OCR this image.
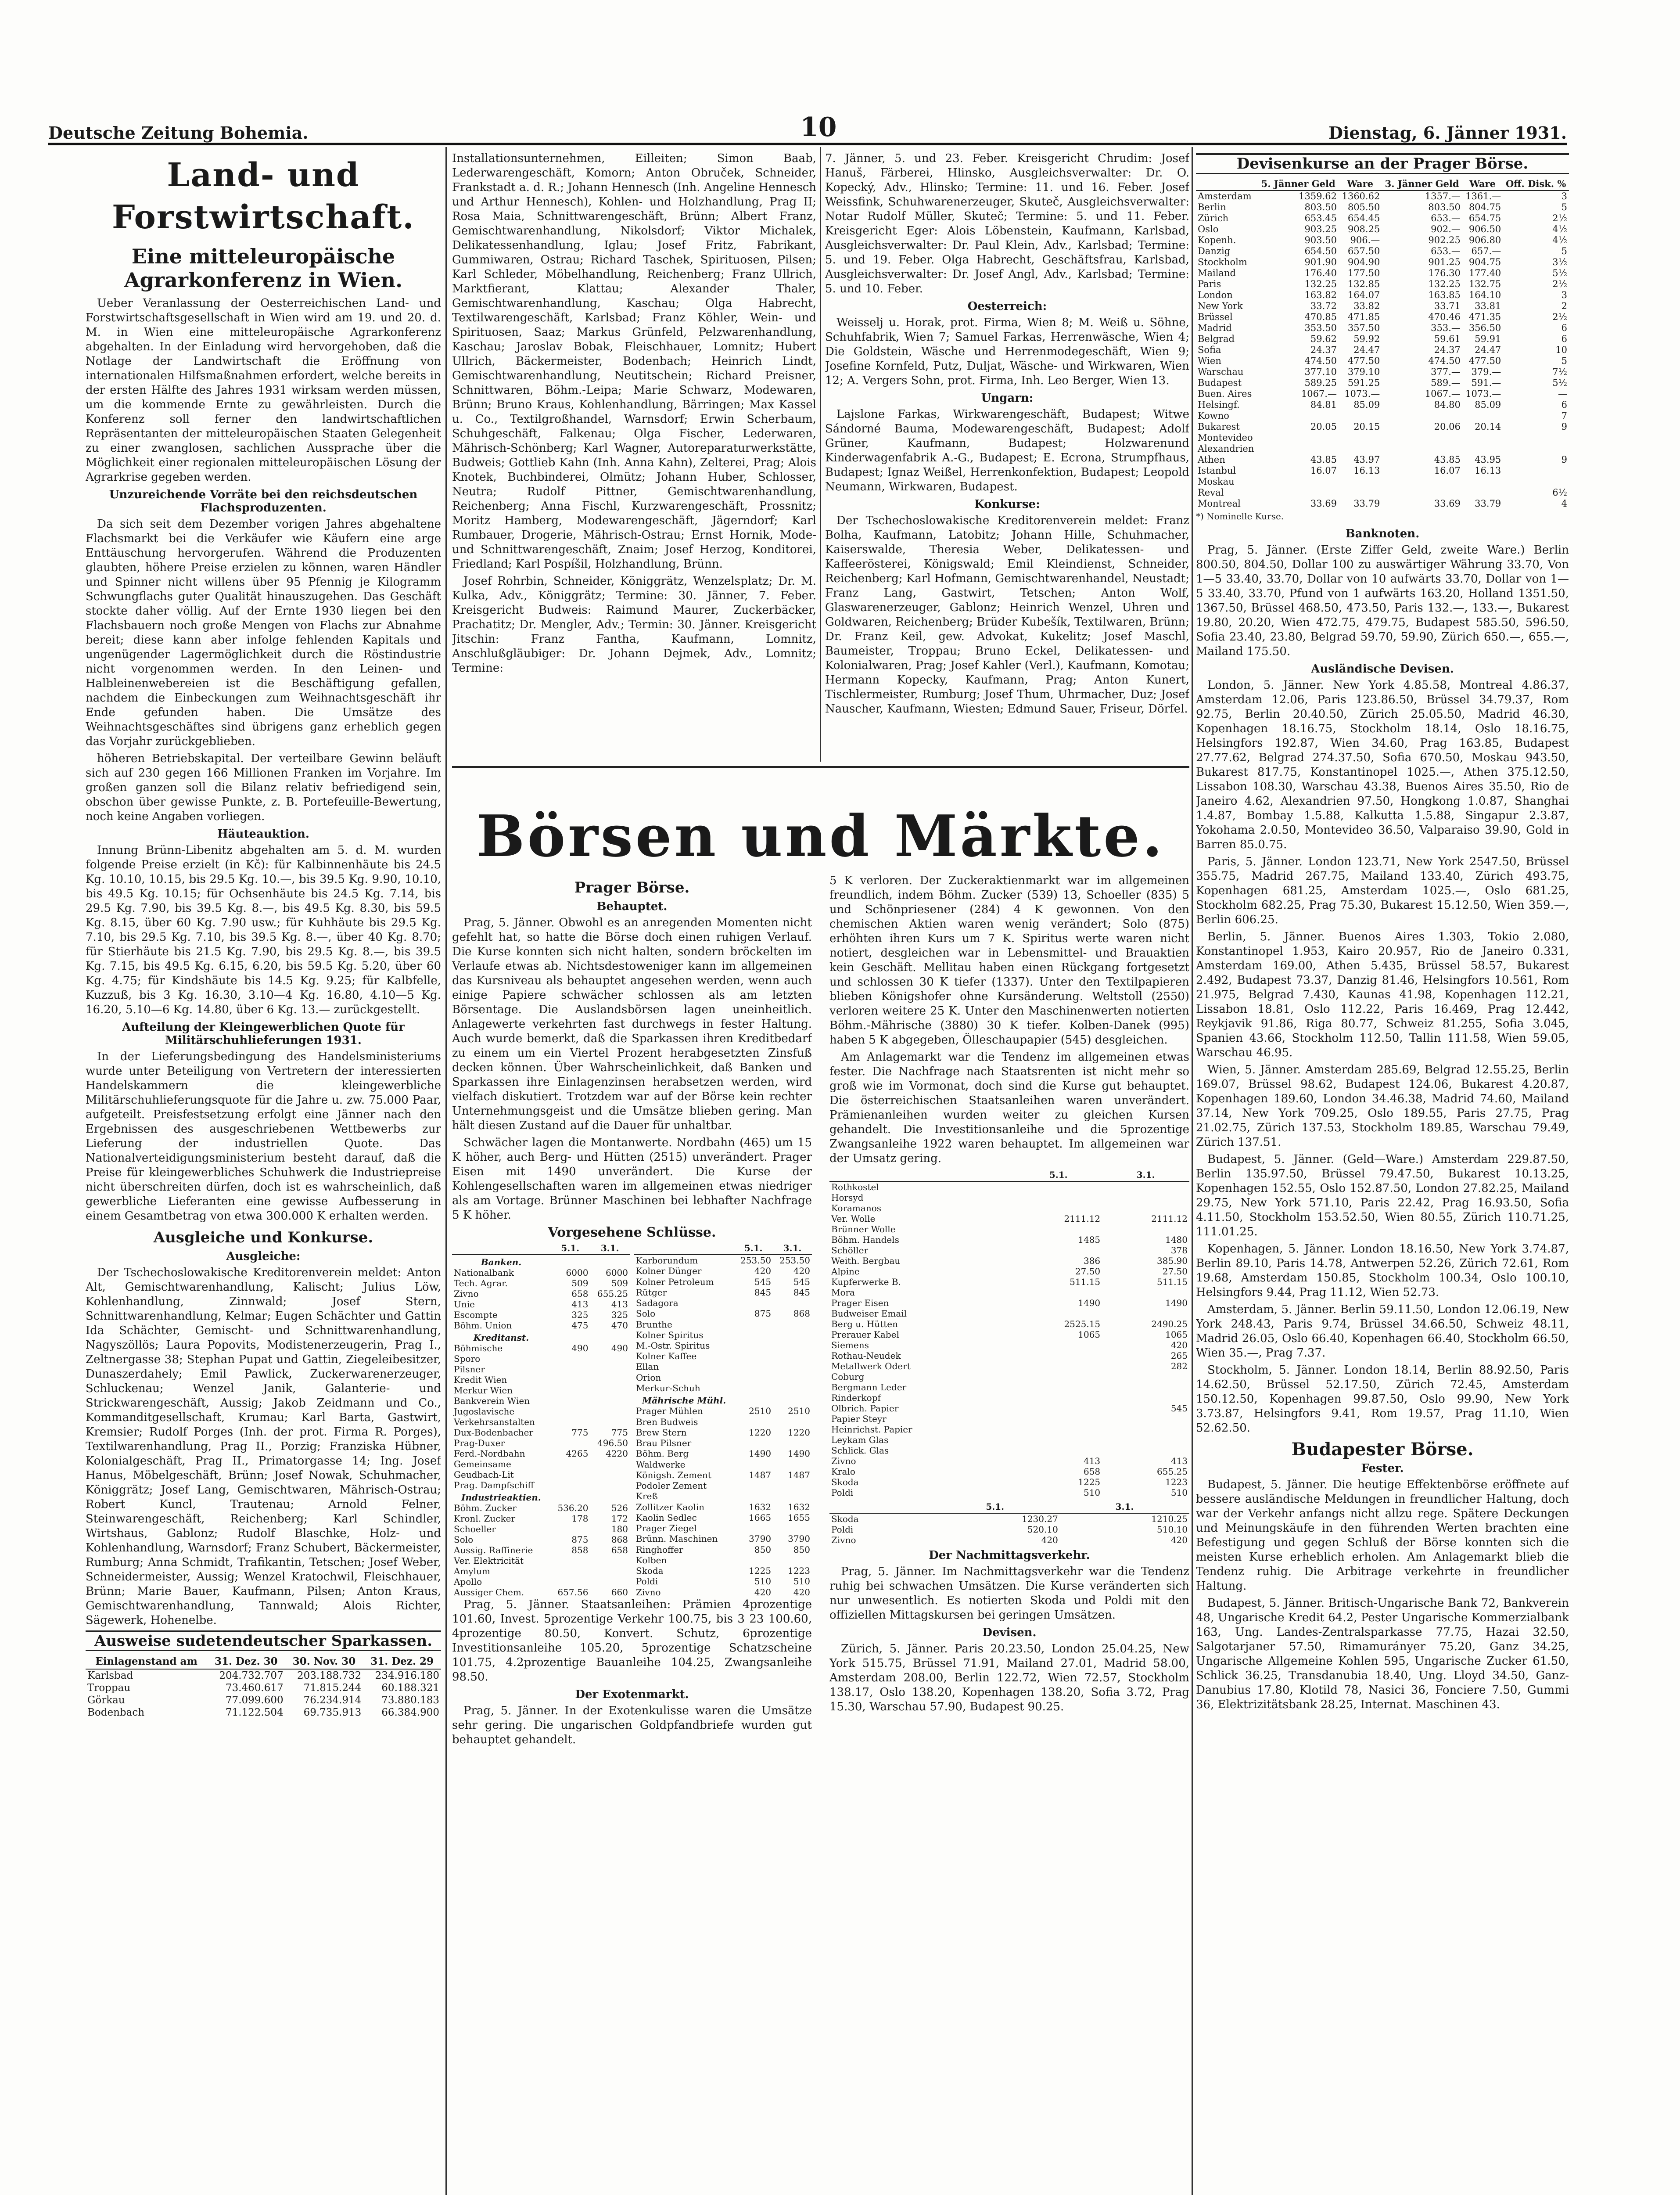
Deutsche Zeitung Bohemia.	10	Dienstag, 6. Jänner 1931.
Land- und Forstwirtschaft.
Eine mitteleuropäische Agrarkonferenz in Wien.

Ueber Veranlassung der Oesterreichischen Land- und Forstwirtschaftsgesellschaft in Wien wird am 19. und 20. d. M. in Wien eine mitteleuropäische Agrarkonferenz abgehalten. In der Einladung wird hervorgehoben, daß die Notlage der Landwirtschaft die Eröffnung von internationalen Hilfsmaßnahmen erfordert, welche bereits in der ersten Hälfte des Jahres 1931 wirksam werden müssen, um die kommende Ernte zu gewährleisten. Durch die Konferenz soll ferner den landwirtschaftlichen Repräsentanten der mitteleuropäischen Staaten Gelegenheit zu einer zwanglosen, sachlichen Aussprache über die Möglichkeit einer regionalen mitteleuropäischen Lösung der Agrarkrise gegeben werden.

Unzureichende Vorräte bei den reichsdeutschen Flachsproduzenten.

Da sich seit dem Dezember vorigen Jahres abgehaltene Flachsmarkt bei die Verkäufer wie Käufern eine arge Enttäuschung hervorgerufen. Während die Produzenten glaubten, höhere Preise erzielen zu können, waren Händler und Spinner nicht willens über 95 Pfennig je Kilogramm Schwungflachs guter Qualität hinauszugehen. Das Geschäft stockte daher völlig. Auf der Ernte 1930 liegen bei den Flachsbauern noch große Mengen von Flachs zur Abnahme bereit; diese kann aber infolge fehlenden Kapitals und ungenügender Lagermöglichkeit durch die Röstindustrie nicht vorgenommen werden. In den Leinen- und Halbleinenwebereien ist die Beschäftigung gefallen, nachdem die Einbeckungen zum Weihnachtsgeschäft ihr Ende gefunden haben. Die Umsätze des Weihnachtsgeschäftes sind übrigens ganz erheblich gegen das Vorjahr zurückgeblieben.

höheren Betriebskapital. Der verteilbare Gewinn beläuft sich auf 230 gegen 166 Millionen Franken im Vorjahre. Im großen ganzen soll die Bilanz relativ befriedigend sein, obschon über gewisse Punkte, z. B. Portefeuille-Bewertung, noch keine Angaben vorliegen.

Häuteauktion.

Innung Brünn-Libenitz abgehalten am 5. d. M. wurden folgende Preise erzielt (in Kč): für Kalbinnenhäute bis 24.5 Kg. 10.10, 10.15, bis 29.5 Kg. 10.—, bis 39.5 Kg. 9.90, 10.10, bis 49.5 Kg. 10.15; für Ochsenhäute bis 24.5 Kg. 7.14, bis 29.5 Kg. 7.90, bis 39.5 Kg. 8.—, bis 49.5 Kg. 8.30, bis 59.5 Kg. 8.15, über 60 Kg. 7.90 usw.; für Kuhhäute bis 29.5 Kg. 7.10, bis 29.5 Kg. 7.10, bis 39.5 Kg. 8.—, über 40 Kg. 8.70; für Stierhäute bis 21.5 Kg. 7.90, bis 29.5 Kg. 8.—, bis 39.5 Kg. 7.15, bis 49.5 Kg. 6.15, 6.20, bis 59.5 Kg. 5.20, über 60 Kg. 4.75; für Kindshäute bis 14.5 Kg. 9.25; für Kalbfelle, Kuzzuß, bis 3 Kg. 16.30, 3.10—4 Kg. 16.80, 4.10—5 Kg. 16.20, 5.10—6 Kg. 14.80, über 6 Kg. 13.— zurückgestellt.

Aufteilung der Kleingewerblichen Quote für Militärschuhlieferungen 1931.

In der Lieferungsbedingung des Handelsministeriums wurde unter Beteiligung von Vertretern der interessierten Handelskammern die kleingewerbliche Militärschuhlieferungsquote für die Jahre u. zw. 75.000 Paar, aufgeteilt. Preisfestsetzung erfolgt eine Jänner nach den Ergebnissen des ausgeschriebenen Wettbewerbs zur Lieferung der industriellen Quote. Das Nationalverteidigungsministerium besteht darauf, daß die Preise für kleingewerbliches Schuhwerk die Industriepreise nicht überschreiten dürfen, doch ist es wahrscheinlich, daß gewerbliche Lieferanten eine gewisse Aufbesserung in einem Gesamtbetrag von etwa 300.000 K erhalten werden.

Ausgleiche und Konkurse.
Ausgleiche:

Der Tschechoslowakische Kreditorenverein meldet: Anton Alt, Gemischtwarenhandlung, Kalischt; Julius Löw, Kohlenhandlung, Zinnwald; Josef Stern, Schnittwarenhandlung, Kelmar; Eugen Schächter und Gattin Ida Schächter, Gemischt- und Schnittwarenhandlung, Nagyszöllös; Laura Popovits, Modistenerzeugerin, Prag I., Zeltnergasse 38; Stephan Pupat und Gattin, Ziegeleibesitzer, Dunaszerdahely; Emil Pawlick, Zuckerwarenerzeuger, Schluckenau; Wenzel Janik, Galanterie- und Strickwarengeschäft, Aussig; Jakob Zeidmann und Co., Kommanditgesellschaft, Krumau; Karl Barta, Gastwirt, Kremsier; Rudolf Porges (Inh. der prot. Firma R. Porges), Textilwarenhandlung, Prag II., Porzig; Franziska Hübner, Kolonialgeschäft, Prag II., Primatorgasse 14; Ing. Josef Hanus, Möbelgeschäft, Brünn; Josef Nowak, Schuhmacher, Königgrätz; Josef Lang, Gemischtwaren, Mährisch-Ostrau; Robert Kuncl, Trautenau; Arnold Felner, Steinwarengeschäft, Reichenberg; Karl Schindler, Wirtshaus, Gablonz; Rudolf Blaschke, Holz- und Kohlenhandlung, Warnsdorf; Franz Schubert, Bäckermeister, Rumburg; Anna Schmidt, Trafikantin, Tetschen; Josef Weber, Schneidermeister, Aussig; Wenzel Kratochwil, Fleischhauer, Brünn; Marie Bauer, Kaufmann, Pilsen; Anton Kraus, Gemischtwarenhandlung, Tannwald; Alois Richter, Sägewerk, Hohenelbe.

Ausweise sudetendeutscher Sparkassen.
Einlagenstand am	31. Dez. 30	30. Nov. 30	31. Dez. 29
Karlsbad	204.732.707	203.188.732	234.916.180
Troppau	73.460.617	71.815.244	60.188.321
Görkau	77.099.600	76.234.914	73.880.183
Bodenbach	71.122.504	69.735.913	66.384.900

Installationsunternehmen, Eilleiten; Simon Baab, Lederwarengeschäft, Komorn; Anton Obruček, Schneider, Frankstadt a. d. R.; Johann Hennesch (Inh. Angeline Hennesch und Arthur Hennesch), Kohlen- und Holzhandlung, Prag II; Rosa Maia, Schnittwarengeschäft, Brünn; Albert Franz, Gemischtwarenhandlung, Nikolsdorf; Viktor Michalek, Delikatessenhandlung, Iglau; Josef Fritz, Fabrikant, Gummiwaren, Ostrau; Richard Taschek, Spirituosen, Pilsen; Karl Schleder, Möbelhandlung, Reichenberg; Franz Ullrich, Marktfierant, Klattau; Alexander Thaler, Gemischtwarenhandlung, Kaschau; Olga Habrecht, Textilwarengeschäft, Karlsbad; Franz Köhler, Wein- und Spirituosen, Saaz; Markus Grünfeld, Pelzwarenhandlung, Kaschau; Jaroslav Bobak, Fleischhauer, Lomnitz; Hubert Ullrich, Bäckermeister, Bodenbach; Heinrich Lindt, Gemischtwarenhandlung, Neutitschein; Richard Preisner, Schnittwaren, Böhm.-Leipa; Marie Schwarz, Modewaren, Brünn; Bruno Kraus, Kohlenhandlung, Bärringen; Max Kassel u. Co., Textilgroßhandel, Warnsdorf; Erwin Scherbaum, Schuhgeschäft, Falkenau; Olga Fischer, Lederwaren, Mährisch-Schönberg; Karl Wagner, Autoreparaturwerkstätte, Budweis; Gottlieb Kahn (Inh. Anna Kahn), Zelterei, Prag; Alois Knotek, Buchbinderei, Olmütz; Johann Huber, Schlosser, Neutra; Rudolf Pittner, Gemischtwarenhandlung, Reichenberg; Anna Fischl, Kurzwarengeschäft, Prossnitz; Moritz Hamberg, Modewarengeschäft, Jägerndorf; Karl Rumbauer, Drogerie, Mährisch-Ostrau; Ernst Hornik, Mode- und Schnittwarengeschäft, Znaim; Josef Herzog, Konditorei, Friedland; Karl Pospíšil, Holzhandlung, Brünn.

Josef Rohrbin, Schneider, Königgrätz, Wenzelsplatz; Dr. M. Kulka, Adv., Königgrätz; Termine: 30. Jänner, 7. Feber. Kreisgericht Budweis: Raimund Maurer, Zuckerbäcker, Prachatitz; Dr. Mengler, Adv.; Termin: 30. Jänner. Kreisgericht Jitschin: Franz Fantha, Kaufmann, Lomnitz, Anschlußgläubiger: Dr. Johann Dejmek, Adv., Lomnitz; Termine:

7. Jänner, 5. und 23. Feber. Kreisgericht Chrudim: Josef Hanuš, Färberei, Hlinsko, Ausgleichsverwalter: Dr. O. Kopecký, Adv., Hlinsko; Termine: 11. und 16. Feber. Josef Weissfink, Schuhwarenerzeuger, Skuteč, Ausgleichsverwalter: Notar Rudolf Müller, Skuteč; Termine: 5. und 11. Feber. Kreisgericht Eger: Alois Löbenstein, Kaufmann, Karlsbad, Ausgleichsverwalter: Dr. Paul Klein, Adv., Karlsbad; Termine: 5. und 19. Feber. Olga Habrecht, Geschäftsfrau, Karlsbad, Ausgleichsverwalter: Dr. Josef Angl, Adv., Karlsbad; Termine: 5. und 10. Feber.

Oesterreich:

Weisselj u. Horak, prot. Firma, Wien 8; M. Weiß u. Söhne, Schuhfabrik, Wien 7; Samuel Farkas, Herrenwäsche, Wien 4; Die Goldstein, Wäsche und Herrenmodegeschäft, Wien 9; Josefine Kornfeld, Putz, Duljat, Wäsche- und Wirkwaren, Wien 12; A. Vergers Sohn, prot. Firma, Inh. Leo Berger, Wien 13.

Ungarn:

Lajslone Farkas, Wirkwarengeschäft, Budapest; Witwe Sándorné Bauma, Modewarengeschäft, Budapest; Adolf Grüner, Kaufmann, Budapest; Holzwarenund Kinderwagenfabrik A.-G., Budapest; E. Ecrona, Strumpfhaus, Budapest; Ignaz Weißel, Herrenkonfektion, Budapest; Leopold Neumann, Wirkwaren, Budapest.

Konkurse:

Der Tschechoslowakische Kreditorenverein meldet: Franz Bolha, Kaufmann, Latobitz; Johann Hille, Schuhmacher, Kaiserswalde, Theresia Weber, Delikatessen- und Kaffeerösterei, Königswald; Emil Kleindienst, Schneider, Reichenberg; Karl Hofmann, Gemischtwarenhandel, Neustadt; Franz Lang, Gastwirt, Tetschen; Anton Wolf, Glaswarenerzeuger, Gablonz; Heinrich Wenzel, Uhren und Goldwaren, Reichenberg; Brüder Kubešík, Textilwaren, Brünn; Dr. Franz Keil, gew. Advokat, Kukelitz; Josef Maschl, Baumeister, Troppau; Bruno Eckel, Delikatessen- und Kolonialwaren, Prag; Josef Kahler (Verl.), Kaufmann, Komotau; Hermann Kopecky, Kaufmann, Prag; Anton Kunert, Tischlermeister, Rumburg; Josef Thum, Uhrmacher, Duz; Josef Nauscher, Kaufmann, Wiesten; Edmund Sauer, Friseur, Dörfel.

Börsen und Märkte.
Prager Börse.
Behauptet.

Prag, 5. Jänner. Obwohl es an anregenden Momenten nicht gefehlt hat, so hatte die Börse doch einen ruhigen Verlauf. Die Kurse konnten sich nicht halten, sondern bröckelten im Verlaufe etwas ab. Nichtsdestoweniger kann im allgemeinen das Kursniveau als behauptet angesehen werden, wenn auch einige Papiere schwächer schlossen als am letzten Börsentage. Die Auslandsbörsen lagen uneinheitlich. Anlagewerte verkehrten fast durchwegs in fester Haltung. Auch wurde bemerkt, daß die Sparkassen ihren Kreditbedarf zu einem um ein Viertel Prozent herabgesetzten Zinsfuß decken können. Über Wahrscheinlichkeit, daß Banken und Sparkassen ihre Einlagenzinsen herabsetzen werden, wird vielfach diskutiert. Trotzdem war auf der Börse kein rechter Unternehmungsgeist und die Umsätze blieben gering. Man hält diesen Zustand auf die Dauer für unhaltbar.

Schwächer lagen die Montanwerte. Nordbahn (465) um 15 K höher, auch Berg- und Hütten (2515) unverändert. Prager Eisen mit 1490 unverändert. Die Kurse der Kohlengesellschaften waren im allgemeinen etwas niedriger als am Vortage. Brünner Maschinen bei lebhafter Nachfrage 5 K höher.

Vorgesehene Schlüsse.
	5.1.	3.1.
Banken.		
Nationalbank	6000	6000
Tech. Agrar.	509	509
Zivno	658	655.25
Unie	413	413
Escompte	325	325
Böhm. Union	475	470
Kreditanst.		
Böhmische	490	490
Sporo		
Pilsner		
Kredit Wien		
Merkur Wien		
Bankverein Wien		
Jugoslavische		
Verkehrsanstalten		
Dux-Bodenbacher	775	775
Prag-Duxer		496.50
Ferd.-Nordbahn	4265	4220
Gemeinsame		
Geudbach-Lit		
Prag. Dampfschiff		
Industrieaktien.		
Böhm. Zucker	536.20	526
Kronl. Zucker	178	172
Schoeller		180
Solo	875	868
Aussig. Raffinerie	858	658
Ver. Elektricität		
Amylum		
Apollo		
Aussiger Chem.	657.56	660
	5.1.	3.1.
Karborundum	253.50	253.50
Kolner Dünger	420	420
Kolner Petroleum	545	545
Rütger	845	845
Sadagora		
Solo	875	868
Brunthe		
Kolner Spiritus		
M.-Ostr. Spiritus		
Kolner Kaffee		
Ellan		
Orion		
Merkur-Schuh		
Mährische Mühl.		
Prager Mühlen	2510	2510
Bren Budweis		
Brew Stern	1220	1220
Brau Pilsner		
Böhm. Berg	1490	1490
Waldwerke		
Königsh. Zement	1487	1487
Podoler Zement		
Kreß		
Zollitzer Kaolin	1632	1632
Kaolin Sedlec	1665	1655
Prager Ziegel		
Brünn. Maschinen	3790	3790
Ringhoffer	850	850
Kolben		
Skoda	1225	1223
Poldi	510	510
Zivno	420	420

Prag, 5. Jänner. Staatsanleihen: Prämien 4prozentige 101.60, Invest. 5prozentige Verkehr 100.75, bis 3 23 100.60, 4prozentige 80.50, Konvert. Schutz, 6prozentige Investitionsanleihe 105.20, 5prozentige Schatzscheine 101.75, 4.2prozentige Bauanleihe 104.25, Zwangsanleihe 98.50.

Der Exotenmarkt.

Prag, 5. Jänner. In der Exotenkulisse waren die Umsätze sehr gering. Die ungarischen Goldpfandbriefe wurden gut behauptet gehandelt.

5 K verloren. Der Zuckeraktienmarkt war im allgemeinen freundlich, indem Böhm. Zucker (539) 13, Schoeller (835) 5 und Schönpriesener (284) 4 K gewonnen. Von den chemischen Aktien waren wenig verändert; Solo (875) erhöhten ihren Kurs um 7 K. Spiritus werte waren nicht notiert, desgleichen war in Lebensmittel- und Brauaktien kein Geschäft. Mellitau haben einen Rückgang fortgesetzt und schlossen 30 K tiefer (1337). Unter den Textilpapieren blieben Königshofer ohne Kursänderung. Weltstoll (2550) verloren weitere 25 K. Unter den Maschinenwerten notierten Böhm.-Mährische (3880) 30 K tiefer. Kolben-Danek (995) haben 5 K abgegeben, Ölleschaupapier (545) desgleichen.

Am Anlagemarkt war die Tendenz im allgemeinen etwas fester. Die Nachfrage nach Staatsrenten ist nicht mehr so groß wie im Vormonat, doch sind die Kurse gut behauptet. Die österreichischen Staatsanleihen waren unverändert. Prämienanleihen wurden weiter zu gleichen Kursen gehandelt. Die Investitionsanleihe und die 5prozentige Zwangsanleihe 1922 waren behauptet. Im allgemeinen war der Umsatz gering.

	5.1.	3.1.
Rothkostel		
Horsyd		
Koramanos		
Ver. Wolle	2111.12	2111.12
Brünner Wolle		
Böhm. Handels	1485	1480
Schöller		378
Weith. Bergbau	386	385.90
Alpine	27.50	27.50
Kupferwerke B.	511.15	511.15
Mora		
Prager Eisen	1490	1490
Budweiser Email		
Berg u. Hütten	2525.15	2490.25
Prerauer Kabel	1065	1065
Siemens		420
Rothau-Neudek		265
Metallwerk Odert		282
Coburg		
Bergmann Leder		
Rinderkopf		
Olbrich. Papier		545
Papier Steyr		
Heinrichst. Papier		
Leykam Glas		
Schlick. Glas		
Zivno	413	413
Kralo	658	655.25
Skoda	1225	1223
Poldi	510	510
	5.1.	3.1.
Skoda	1230.27	1210.25
Poldi	520.10	510.10
Zivno	420	420
Der Nachmittagsverkehr.

Prag, 5. Jänner. Im Nachmittagsverkehr war die Tendenz ruhig bei schwachen Umsätzen. Die Kurse veränderten sich nur unwesentlich. Es notierten Skoda und Poldi mit den offiziellen Mittagskursen bei geringen Umsätzen.

Devisen.

Zürich, 5. Jänner. Paris 20.23.50, London 25.04.25, New York 515.75, Brüssel 71.91, Mailand 27.01, Madrid 58.00, Amsterdam 208.00, Berlin 122.72, Wien 72.57, Stockholm 138.17, Oslo 138.20, Kopenhagen 138.20, Sofia 3.72, Prag 15.30, Warschau 57.90, Budapest 90.25.

Devisenkurse an der Prager Börse.
	5. Jänner Geld	Ware	3. Jänner Geld	Ware	Off. Disk. %
Amsterdam	1359.62	1360.62	1357.—	1361.—	3
Berlin	803.50	805.50	803.50	804.75	5
Zürich	653.45	654.45	653.—	654.75	2½
Oslo	903.25	908.25	902.—	906.50	4½
Kopenh.	903.50	906.—	902.25	906.80	4½
Danzig	654.50	657.50	653.—	657.—	5
Stockholm	901.90	904.90	901.25	904.75	3½
Mailand	176.40	177.50	176.30	177.40	5½
Paris	132.25	132.85	132.25	132.75	2½
London	163.82	164.07	163.85	164.10	3
New York	33.72	33.82	33.71	33.81	2
Brüssel	470.85	471.85	470.46	471.35	2½
Madrid	353.50	357.50	353.—	356.50	6
Belgrad	59.62	59.92	59.61	59.91	6
Sofia	24.37	24.47	24.37	24.47	10
Wien	474.50	477.50	474.50	477.50	5
Warschau	377.10	379.10	377.—	379.—	7½
Budapest	589.25	591.25	589.—	591.—	5½
Buen. Aires	1067.—	1073.—	1067.—	1073.—	—
Helsingf.	84.81	85.09	84.80	85.09	6
Kowno					7
Bukarest	20.05	20.15	20.06	20.14	9
Montevideo					
Alexandrien					
Athen	43.85	43.97	43.85	43.95	9
Istanbul	16.07	16.13	16.07	16.13	
Moskau					
Reval					6½
Montreal	33.69	33.79	33.69	33.79	4
*) Nominelle Kurse.
Banknoten.

Prag, 5. Jänner. (Erste Ziffer Geld, zweite Ware.) Berlin 800.50, 804.50, Dollar 100 zu auswärtiger Währung 33.70, Von 1—5 33.40, 33.70, Dollar von 10 aufwärts 33.70, Dollar von 1—5 33.40, 33.70, Pfund von 1 aufwärts 163.20, Holland 1351.50, 1367.50, Brüssel 468.50, 473.50, Paris 132.—, 133.—, Bukarest 19.80, 20.20, Wien 472.75, 479.75, Budapest 585.50, 596.50, Sofia 23.40, 23.80, Belgrad 59.70, 59.90, Zürich 650.—, 655.—, Mailand 175.50.

Ausländische Devisen.

London, 5. Jänner. New York 4.85.58, Montreal 4.86.37, Amsterdam 12.06, Paris 123.86.50, Brüssel 34.79.37, Rom 92.75, Berlin 20.40.50, Zürich 25.05.50, Madrid 46.30, Kopenhagen 18.16.75, Stockholm 18.14, Oslo 18.16.75, Helsingfors 192.87, Wien 34.60, Prag 163.85, Budapest 27.77.62, Belgrad 274.37.50, Sofia 670.50, Moskau 943.50, Bukarest 817.75, Konstantinopel 1025.—, Athen 375.12.50, Lissabon 108.30, Warschau 43.38, Buenos Aires 35.50, Rio de Janeiro 4.62, Alexandrien 97.50, Hongkong 1.0.87, Shanghai 1.4.87, Bombay 1.5.88, Kalkutta 1.5.88, Singapur 2.3.87, Yokohama 2.0.50, Montevideo 36.50, Valparaiso 39.90, Gold in Barren 85.0.75.

Paris, 5. Jänner. London 123.71, New York 2547.50, Brüssel 355.75, Madrid 267.75, Mailand 133.40, Zürich 493.75, Kopenhagen 681.25, Amsterdam 1025.—, Oslo 681.25, Stockholm 682.25, Prag 75.30, Bukarest 15.12.50, Wien 359.—, Berlin 606.25.

Berlin, 5. Jänner. Buenos Aires 1.303, Tokio 2.080, Konstantinopel 1.953, Kairo 20.957, Rio de Janeiro 0.331, Amsterdam 169.00, Athen 5.435, Brüssel 58.57, Bukarest 2.492, Budapest 73.37, Danzig 81.46, Helsingfors 10.561, Rom 21.975, Belgrad 7.430, Kaunas 41.98, Kopenhagen 112.21, Lissabon 18.81, Oslo 112.22, Paris 16.469, Prag 12.442, Reykjavik 91.86, Riga 80.77, Schweiz 81.255, Sofia 3.045, Spanien 43.66, Stockholm 112.50, Tallin 111.58, Wien 59.05, Warschau 46.95.

Wien, 5. Jänner. Amsterdam 285.69, Belgrad 12.55.25, Berlin 169.07, Brüssel 98.62, Budapest 124.06, Bukarest 4.20.87, Kopenhagen 189.60, London 34.46.38, Madrid 74.60, Mailand 37.14, New York 709.25, Oslo 189.55, Paris 27.75, Prag 21.02.75, Zürich 137.53, Stockholm 189.85, Warschau 79.49, Zürich 137.51.

Budapest, 5. Jänner. (Geld—Ware.) Amsterdam 229.87.50, Berlin 135.97.50, Brüssel 79.47.50, Bukarest 10.13.25, Kopenhagen 152.55, Oslo 152.87.50, London 27.82.25, Mailand 29.75, New York 571.10, Paris 22.42, Prag 16.93.50, Sofia 4.11.50, Stockholm 153.52.50, Wien 80.55, Zürich 110.71.25, 111.01.25.

Kopenhagen, 5. Jänner. London 18.16.50, New York 3.74.87, Berlin 89.10, Paris 14.78, Antwerpen 52.26, Zürich 72.61, Rom 19.68, Amsterdam 150.85, Stockholm 100.34, Oslo 100.10, Helsingfors 9.44, Prag 11.12, Wien 52.73.

Amsterdam, 5. Jänner. Berlin 59.11.50, London 12.06.19, New York 248.43, Paris 9.74, Brüssel 34.66.50, Schweiz 48.11, Madrid 26.05, Oslo 66.40, Kopenhagen 66.40, Stockholm 66.50, Wien 35.—, Prag 7.37.

Stockholm, 5. Jänner. London 18.14, Berlin 88.92.50, Paris 14.62.50, Brüssel 52.17.50, Zürich 72.45, Amsterdam 150.12.50, Kopenhagen 99.87.50, Oslo 99.90, New York 3.73.87, Helsingfors 9.41, Rom 19.57, Prag 11.10, Wien 52.62.50.

Budapester Börse.
Fester.

Budapest, 5. Jänner. Die heutige Effektenbörse eröffnete auf bessere ausländische Meldungen in freundlicher Haltung, doch war der Verkehr anfangs nicht allzu rege. Spätere Deckungen und Meinungskäufe in den führenden Werten brachten eine Befestigung und gegen Schluß der Börse konnten sich die meisten Kurse erheblich erholen. Am Anlagemarkt blieb die Tendenz ruhig. Die Arbitrage verkehrte in freundlicher Haltung.

Budapest, 5. Jänner. Britisch-Ungarische Bank 72, Bankverein 48, Ungarische Kredit 64.2, Pester Ungarische Kommerzialbank 163, Ung. Landes-Zentralsparkasse 77.75, Hazai 32.50, Salgotarjaner 57.50, Rimamurányer 75.20, Ganz 34.25, Ungarische Allgemeine Kohlen 595, Ungarische Zucker 61.50, Schlick 36.25, Transdanubia 18.40, Ung. Lloyd 34.50, Ganz-Danubius 17.80, Klotild 78, Nasici 36, Fonciere 7.50, Gummi 36, Elektrizitätsbank 28.25, Internat. Maschinen 43.
